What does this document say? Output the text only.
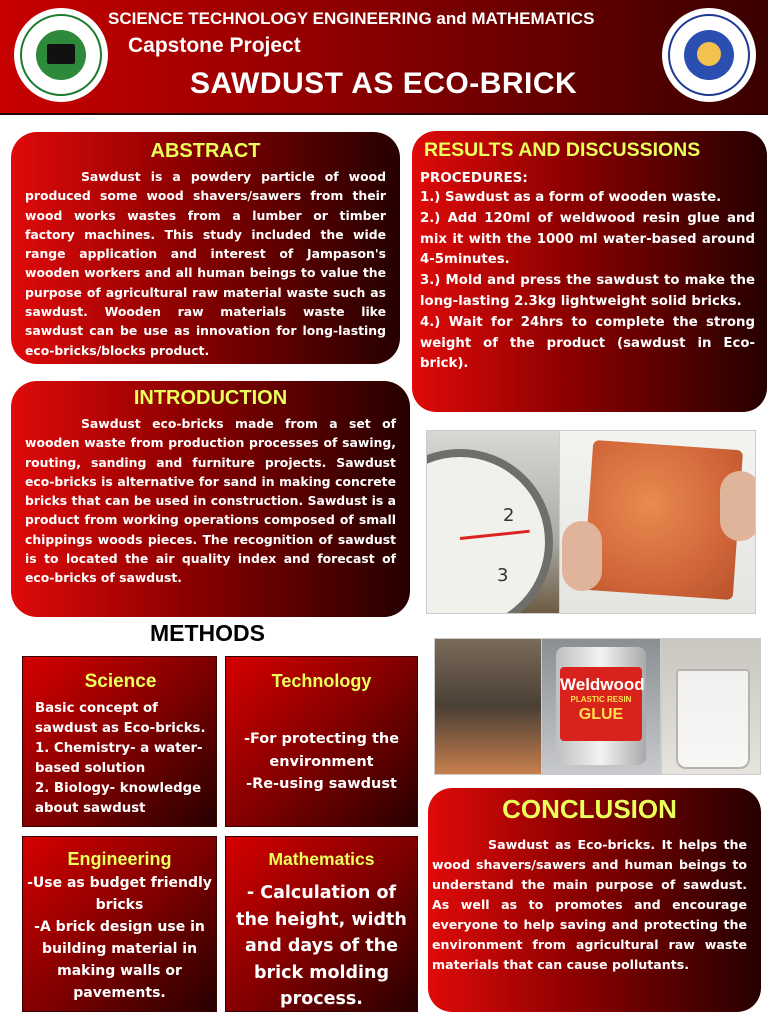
SCIENCE TECHNOLOGY ENGINEERING and MATHEMATICS
Capstone Project
SAWDUST AS ECO-BRICK
ABSTRACT

Sawdust is a powdery particle of wood produced some wood shavers/sawers from their wood works wastes from a lumber or timber factory machines. This study included the wide range application and interest of Jampason's wooden workers and all human beings to value the purpose of agricultural raw material waste such as sawdust. Wooden raw materials waste like sawdust can be use as innovation for long-lasting eco-bricks/blocks product.

INTRODUCTION

Sawdust eco-bricks made from a set of wooden waste from production processes of sawing, routing, sanding and furniture projects. Sawdust eco-bricks is alternative for sand in making concrete bricks that can be used in construction. Sawdust is a product from working operations composed of small chippings woods pieces. The recognition of sawdust is to located the air quality index and forecast of eco-bricks of sawdust.

RESULTS AND DISCUSSIONS
PROCEDURES:

1.) Sawdust as a form of wooden waste.

2.) Add 120ml of weldwood resin glue and mix it with the 1000 ml water-based around 4-5minutes.

3.) Mold and press the sawdust to make the long-lasting 2.3kg lightweight solid bricks.

4.) Wait for 24hrs to complete the strong weight of the product (sawdust in Eco-brick).

2
3
Weldwood
PLASTIC RESIN
GLUE
METHODS
Science
Basic concept of sawdust as Eco-bricks.
1. Chemistry- a water-based solution
2. Biology- knowledge about sawdust
Technology
-For protecting the environment
-Re-using sawdust
Engineering
-Use as budget friendly bricks
-A brick design use in building material in making walls or pavements.
Mathematics
- Calculation of the height, width and days of the brick molding process.
CONCLUSION

Sawdust as Eco-bricks. It helps the wood shavers/sawers and human beings to understand the main purpose of sawdust. As well as to promotes and encourage everyone to help saving and protecting the environment from agricultural raw waste materials that can cause pollutants.
